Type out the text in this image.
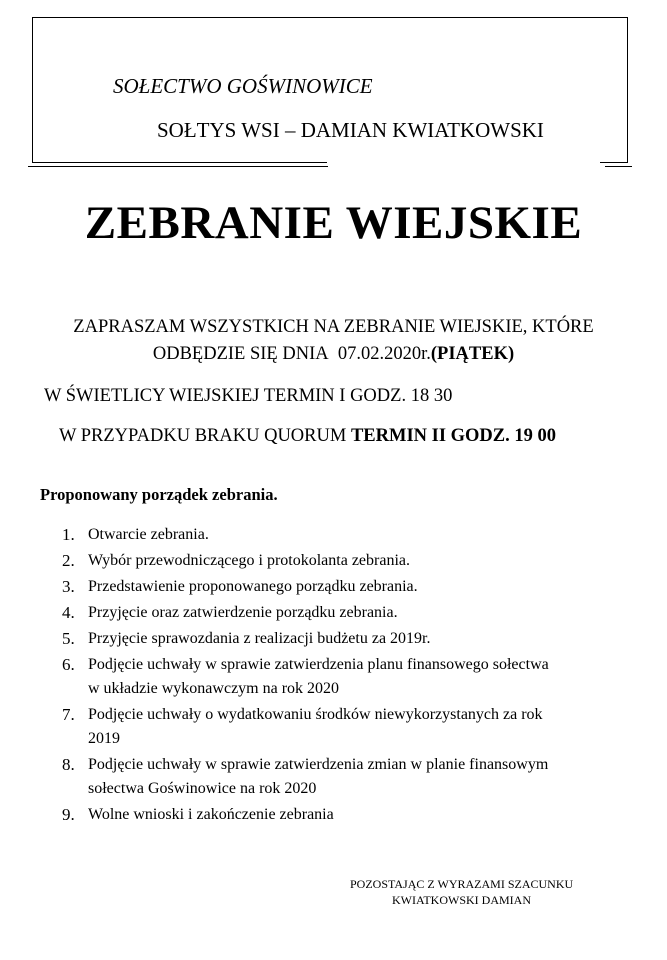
SOŁECTWO GOŚWINOWICE
SOŁTYS WSI – DAMIAN KWIATKOWSKI
ZEBRANIE WIEJSKIE
ZAPRASZAM WSZYSTKICH NA ZEBRANIE WIEJSKIE, KTÓRE
ODBĘDZIE SIĘ DNIA 07.02.2020r.(PIĄTEK)
W ŚWIETLICY WIEJSKIEJ TERMIN I GODZ. 18 30
W PRZYPADKU BRAKU QUORUM TERMIN II GODZ. 19 00
Proponowany porządek zebrania.
1. Otwarcie zebrania.
2. Wybór przewodniczącego i protokolanta zebrania.
3. Przedstawienie proponowanego porządku zebrania.
4. Przyjęcie oraz zatwierdzenie porządku zebrania.
5. Przyjęcie sprawozdania z realizacji budżetu za 2019r.
6. Podjęcie uchwały w sprawie zatwierdzenia planu finansowego sołectwa
w układzie wykonawczym na rok 2020
7. Podjęcie uchwały o wydatkowaniu środków niewykorzystanych za rok
2019
8. Podjęcie uchwały w sprawie zatwierdzenia zmian w planie finansowym
sołectwa Goświnowice na rok 2020
9. Wolne wnioski i zakończenie zebrania
POZOSTAJĄC Z WYRAZAMI SZACUNKU
KWIATKOWSKI DAMIAN
